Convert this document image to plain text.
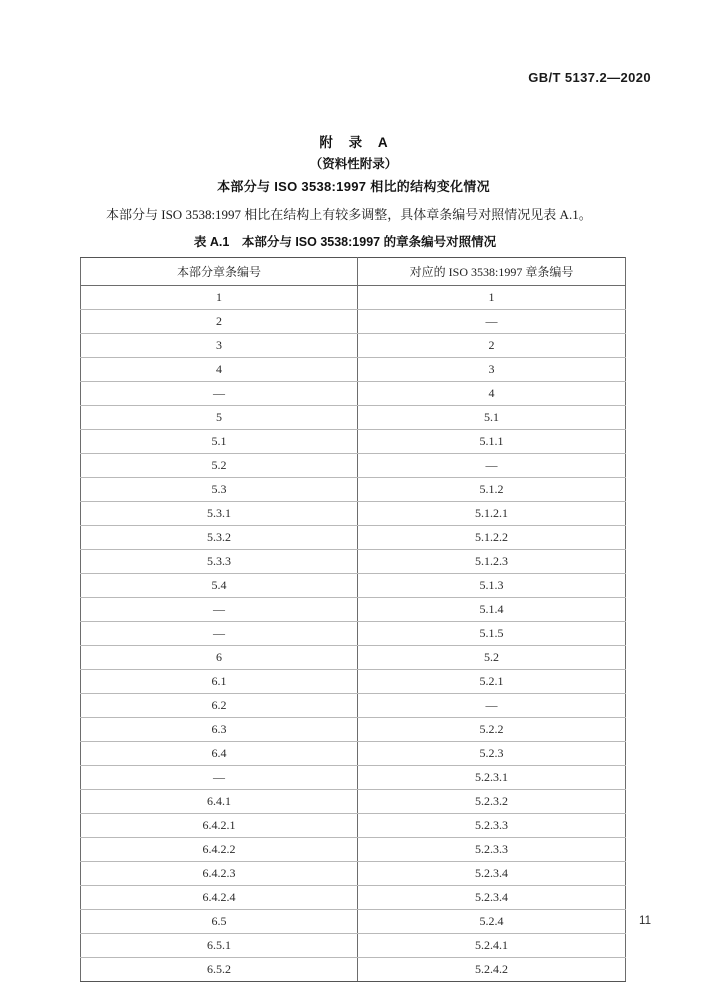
GB/T 5137.2—2020
附 录 A
（资料性附录）
本部分与 ISO 3538:1997 相比的结构变化情况
本部分与 ISO 3538:1997 相比在结构上有较多调整，具体章条编号对照情况见表 A.1。
表 A.1　本部分与 ISO 3538:1997 的章条编号对照情况
本部分章条编号	对应的 ISO 3538:1997 章条编号
1	1
2	—
3	2
4	3
—	4
5	5.1
5.1	5.1.1
5.2	—
5.3	5.1.2
5.3.1	5.1.2.1
5.3.2	5.1.2.2
5.3.3	5.1.2.3
5.4	5.1.3
—	5.1.4
—	5.1.5
6	5.2
6.1	5.2.1
6.2	—
6.3	5.2.2
6.4	5.2.3
—	5.2.3.1
6.4.1	5.2.3.2
6.4.2.1	5.2.3.3
6.4.2.2	5.2.3.3
6.4.2.3	5.2.3.4
6.4.2.4	5.2.3.4
6.5	5.2.4
6.5.1	5.2.4.1
6.5.2	5.2.4.2
11
